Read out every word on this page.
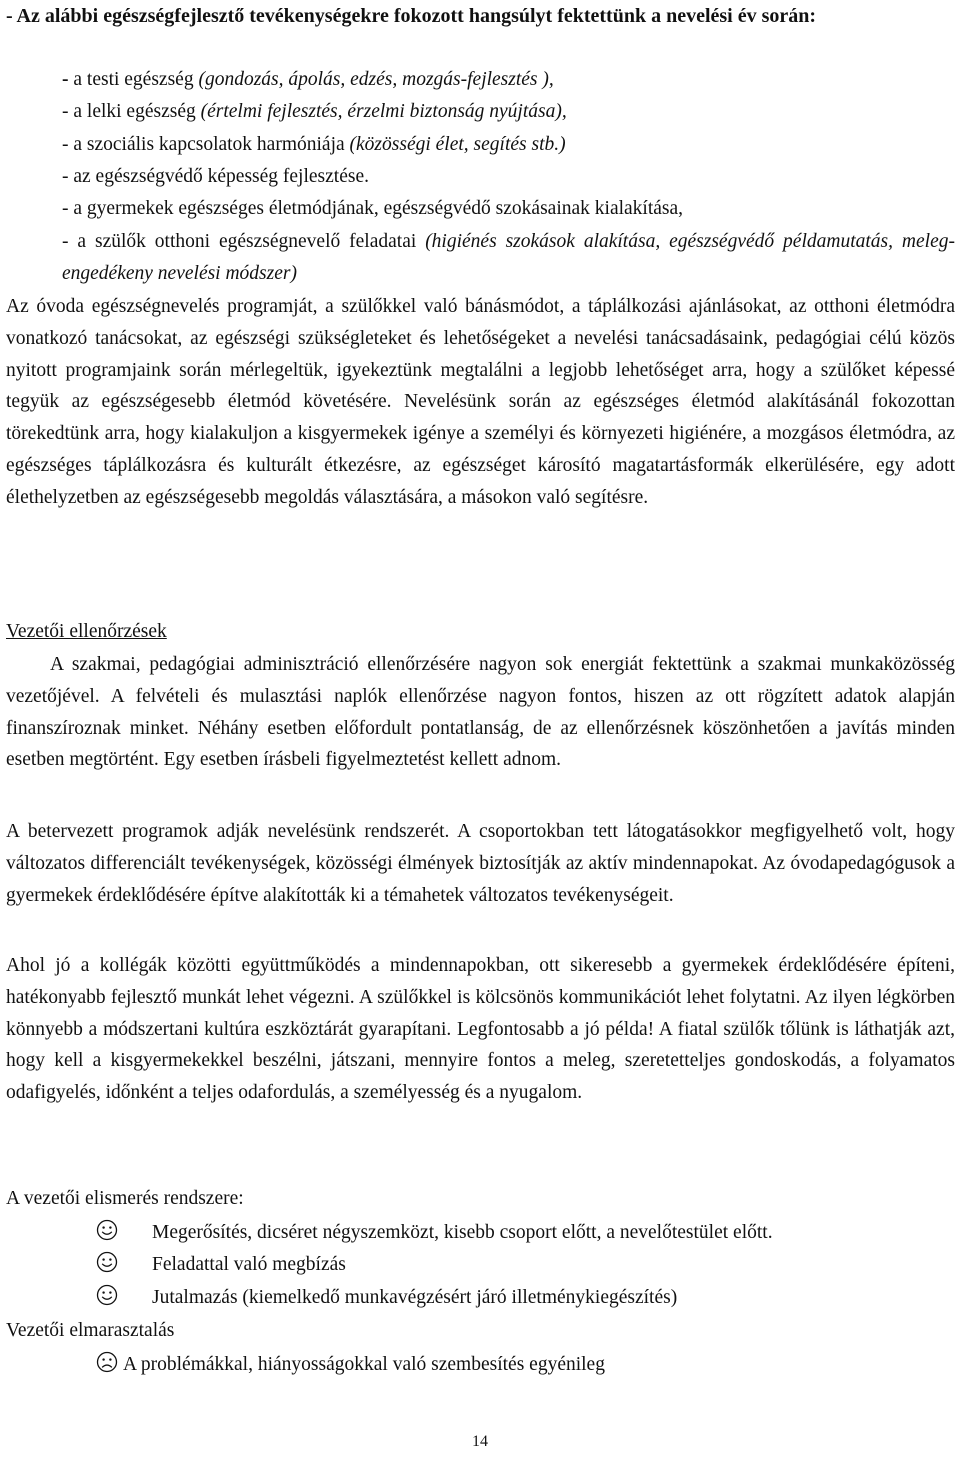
- Az alábbi egészségfejlesztő tevékenységekre fokozott hangsúlyt fektettünk a nevelési év során:
- a testi egészség (gondozás, ápolás, edzés, mozgás-fejlesztés ),
- a lelki egészség (értelmi fejlesztés, érzelmi biztonság nyújtása),
- a szociális kapcsolatok harmóniája (közösségi élet, segítés stb.)
- az egészségvédő képesség fejlesztése.
- a gyermekek egészséges életmódjának, egészségvédő szokásainak kialakítása,
- a szülők otthoni egészségnevelő feladatai (higiénés szokások alakítása, egészségvédő példamutatás, meleg-engedékeny nevelési módszer)
Az óvoda egészségnevelés programját, a szülőkkel való bánásmódot, a táplálkozási ajánlásokat, az otthoni életmódra vonatkozó tanácsokat, az egészségi szükségleteket és lehetőségeket a nevelési tanácsadásaink, pedagógiai célú közös nyitott programjaink során mérlegeltük, igyekeztünk megtalálni a legjobb lehetőséget arra, hogy a szülőket képessé tegyük az egészségesebb életmód követésére. Nevelésünk során az egészséges életmód alakításánál fokozottan törekedtünk arra, hogy kialakuljon a kisgyermekek igénye a személyi és környezeti higiénére, a mozgásos életmódra, az egészséges táplálkozásra és kulturált étkezésre, az egészséget károsító magatartásformák elkerülésére, egy adott élethelyzetben az egészségesebb megoldás választására, a másokon való segítésre.
Vezetői ellenőrzések
A szakmai, pedagógiai adminisztráció ellenőrzésére nagyon sok energiát fektettünk a szakmai munkaközösség vezetőjével. A felvételi és mulasztási naplók ellenőrzése nagyon fontos, hiszen az ott rögzített adatok alapján finanszíroznak minket. Néhány esetben előfordult pontatlanság, de az ellenőrzésnek köszönhetően a javítás minden esetben megtörtént. Egy esetben írásbeli figyelmeztetést kellett adnom.
A betervezett programok adják nevelésünk rendszerét. A csoportokban tett látogatásokkor megfigyelhető volt, hogy változatos differenciált tevékenységek, közösségi élmények biztosítják az aktív mindennapokat. Az óvodapedagógusok a gyermekek érdeklődésére építve alakították ki a témahetek változatos tevékenységeit.
Ahol jó a kollégák közötti együttműködés a mindennapokban, ott sikeresebb a gyermekek érdeklődésére építeni, hatékonyabb fejlesztő munkát lehet végezni. A szülőkkel is kölcsönös kommunikációt lehet folytatni. Az ilyen légkörben könnyebb a módszertani kultúra eszköztárát gyarapítani. Legfontosabb a jó példa! A fiatal szülők tőlünk is láthatják azt, hogy kell a kisgyermekekkel beszélni, játszani, mennyire fontos a meleg, szeretetteljes gondoskodás, a folyamatos odafigyelés, időnként a teljes odafordulás, a személyesség és a nyugalom.
A vezetői elismerés rendszere:
Megerősítés, dicséret négyszemközt, kisebb csoport előtt, a nevelőtestület előtt.
Feladattal való megbízás
Jutalmazás (kiemelkedő munkavégzésért járó illetménykiegészítés)
Vezetői elmarasztalás
A problémákkal, hiányosságokkal való szembesítés egyénileg
14
